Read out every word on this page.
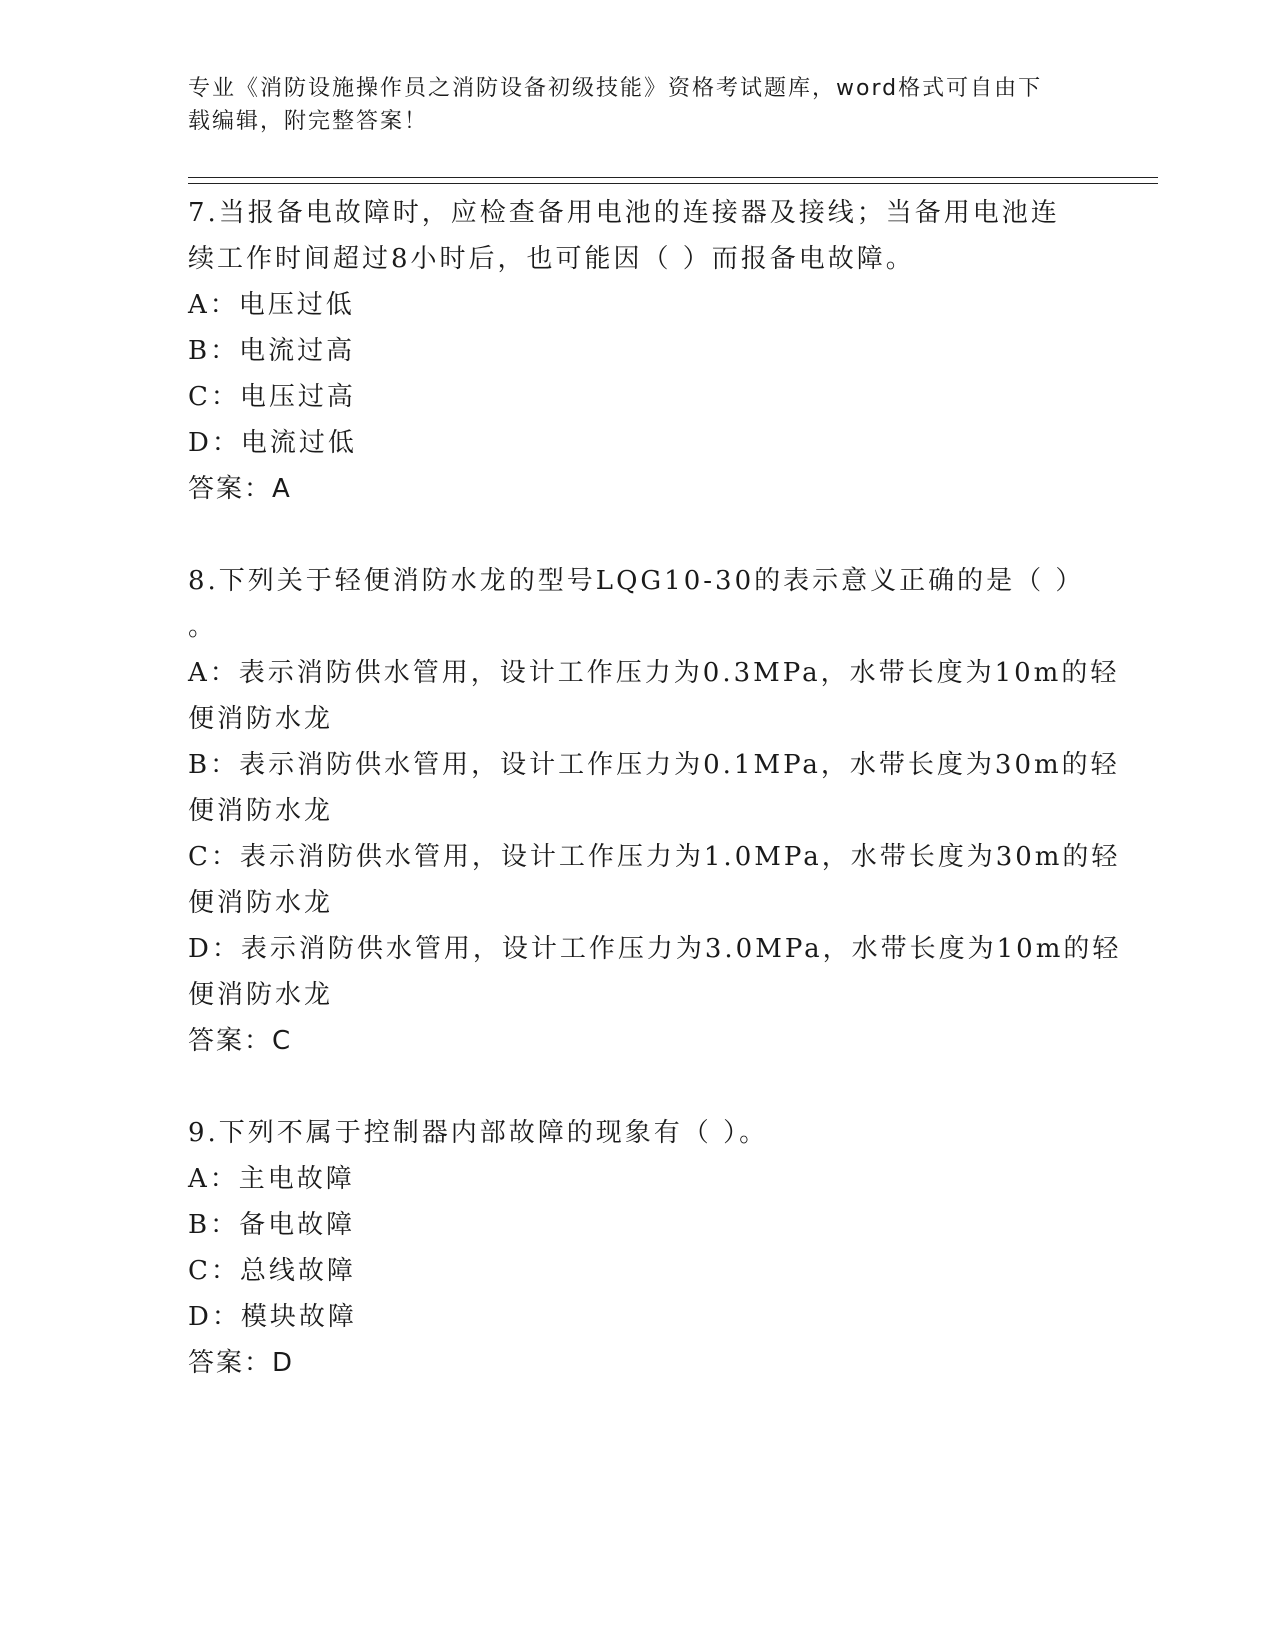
专业《消防设施操作员之消防设备初级技能》资格考试题库，word格式可自由下
载编辑，附完整答案！
7.当报备电故障时，应检查备用电池的连接器及接线；当备用电池连
续工作时间超过8小时后，也可能因（ ）而报备电故障。
A：电压过低
B：电流过高
C：电压过高
D：电流过低
答案：A
8.下列关于轻便消防水龙的型号LQG10-30的表示意义正确的是（ ）
。
A：表示消防供水管用，设计工作压力为0.3MPa，水带长度为10m的轻
便消防水龙
B：表示消防供水管用，设计工作压力为0.1MPa，水带长度为30m的轻
便消防水龙
C：表示消防供水管用，设计工作压力为1.0MPa，水带长度为30m的轻
便消防水龙
D：表示消防供水管用，设计工作压力为3.0MPa，水带长度为10m的轻
便消防水龙
答案：C
9.下列不属于控制器内部故障的现象有（ ）。
A：主电故障
B：备电故障
C：总线故障
D：模块故障
答案：D
